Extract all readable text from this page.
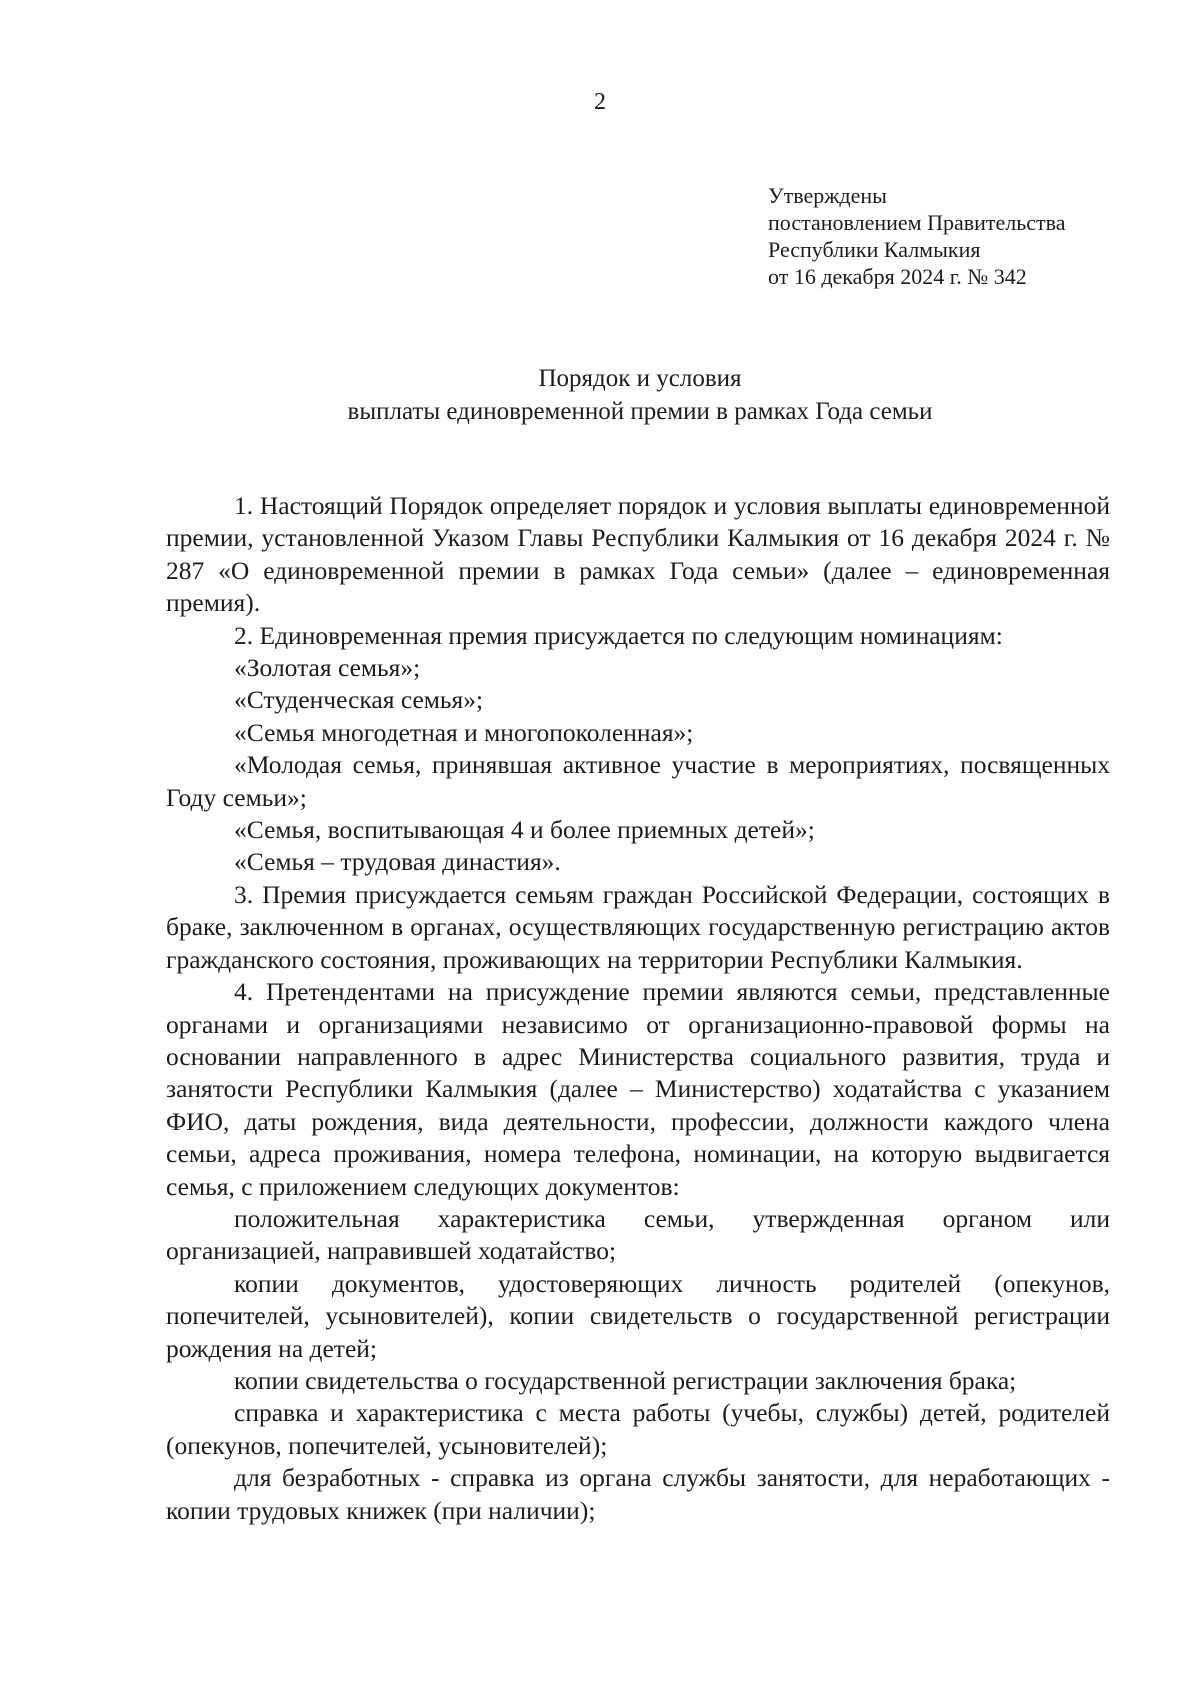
2
Утверждены
постановлением Правительства
Республики Калмыкия
от 16 декабря 2024 г. № 342
Порядок и условия
выплаты единовременной премии в рамках Года семьи

1. Настоящий Порядок определяет порядок и условия выплаты единовременной премии, установленной Указом Главы Республики Калмыкия от 16 декабря 2024 г. № 287 «О единовременной премии в рамках Года семьи» (далее – единовременная премия).

2. Единовременная премия присуждается по следующим номинациям:

«Золотая семья»;

«Студенческая семья»;

«Семья многодетная и многопоколенная»;

«Молодая семья, принявшая активное участие в мероприятиях, посвященных Году семьи»;

«Семья, воспитывающая 4 и более приемных детей»;

«Семья – трудовая династия».

3. Премия присуждается семьям граждан Российской Федерации, состоящих в браке, заключенном в органах, осуществляющих государственную регистрацию актов гражданского состояния, проживающих на территории Республики Калмыкия.

4. Претендентами на присуждение премии являются семьи, представленные органами и организациями независимо от организационно-правовой формы на основании направленного в адрес Министерства социального развития, труда и занятости Республики Калмыкия (далее – Министерство) ходатайства с указанием ФИО, даты рождения, вида деятельности, профессии, должности каждого члена семьи, адреса проживания, номера телефона, номинации, на которую выдвигается семья, с приложением следующих документов:

положительная характеристика семьи, утвержденная органом или организацией, направившей ходатайство;

копии документов, удостоверяющих личность родителей (опекунов, попечителей, усыновителей), копии свидетельств о государственной регистрации рождения на детей;

копии свидетельства о государственной регистрации заключения брака;

справка и характеристика с места работы (учебы, службы) детей, родителей (опекунов, попечителей, усыновителей);

для безработных - справка из органа службы занятости, для неработающих - копии трудовых книжек (при наличии);
